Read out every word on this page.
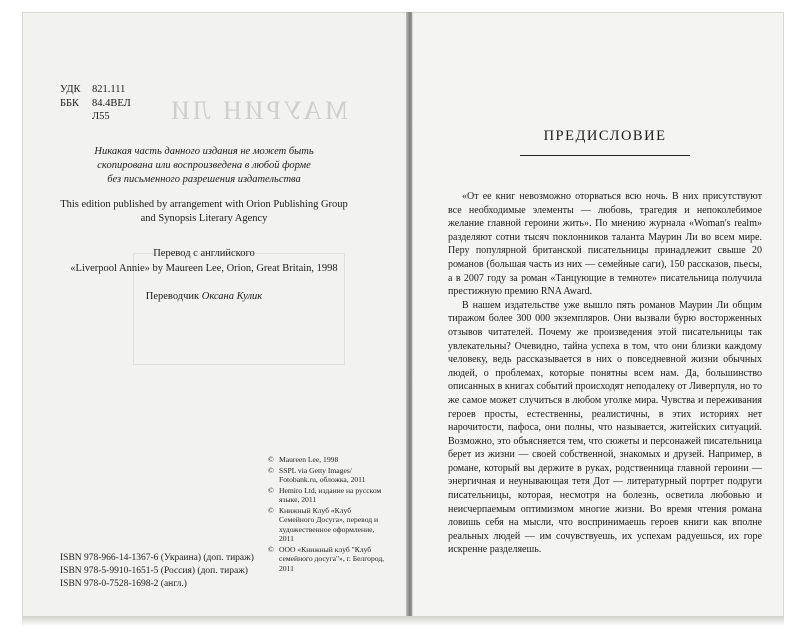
МАУРИН ЛИ
УДК	821.111
ББК	84.4ВЕЛ
Л55
Никакая часть данного издания не может быть
скопирована или воспроизведена в любой форме
без письменного разрешения издательства
This edition published by arrangement with Orion Publishing Group
and Synopsis Literary Agency
Перевод с английского
«Liverpool Annie» by Maureen Lee, Orion, Great Britain, 1998
Переводчик Оксана Кулик
© Maureen Lee, 1998
© SSPL via Getty Images/ Fotobank.ru, обложка, 2011
© Hemiro Ltd, издание на русском языке, 2011
© Книжный Клуб «Клуб Семейного Досуга», перевод и художественное оформление, 2011
© ООО «Книжный клуб "Клуб семейного досуга"», г. Белгород, 2011
ISBN 978-966-14-1367-6 (Украина) (доп. тираж)
ISBN 978-5-9910-1651-5 (Россия) (доп. тираж)
ISBN 978-0-7528-1698-2 (англ.)
ПРЕДИСЛОВИЕ

«От ее книг невозможно оторваться всю ночь. В них присутствуют все необходимые элементы — любовь, трагедия и непоколебимое желание главной героини жить». По мнению журнала «Woman's realm» разделяют сотни тысяч поклонников таланта Маурин Ли во всем мире. Перу популярной британской писательницы принадлежит свыше 20 романов (большая часть из них — семейные саги), 150 рассказов, пьесы, а в 2007 году за роман «Танцующие в темноте» писательница получила престижную премию RNA Award.

В нашем издательстве уже вышло пять романов Маурин Ли общим тиражом более 300 000 экземпляров. Они вызвали бурю восторженных отзывов читателей. Почему же произведения этой писательницы так увлекательны? Очевидно, тайна успеха в том, что они близки каждому человеку, ведь рассказывается в них о повседневной жизни обычных людей, о проблемах, которые понятны всем нам. Да, большинство описанных в книгах событий происходят неподалеку от Ливерпуля, но то же самое может случиться в любом уголке мира. Чувства и переживания героев просты, естественны, реалистичны, в этих историях нет нарочитости, пафоса, они полны, что называется, житейских ситуаций. Возможно, это объясняется тем, что сюжеты и персонажей писательница берет из жизни — своей собственной, знакомых и друзей. Например, в романе, который вы держите в руках, родственница главной героини — энергичная и неунывающая тетя Дот — литературный портрет подруги писательницы, которая, несмотря на болезнь, осветила любовью и неисчерпаемым оптимизмом многие жизни. Во время чтения романа ловишь себя на мысли, что воспринимаешь героев книги как вполне реальных людей — им сочувствуешь, их успехам радуешься, их горе искренне разделяешь.
